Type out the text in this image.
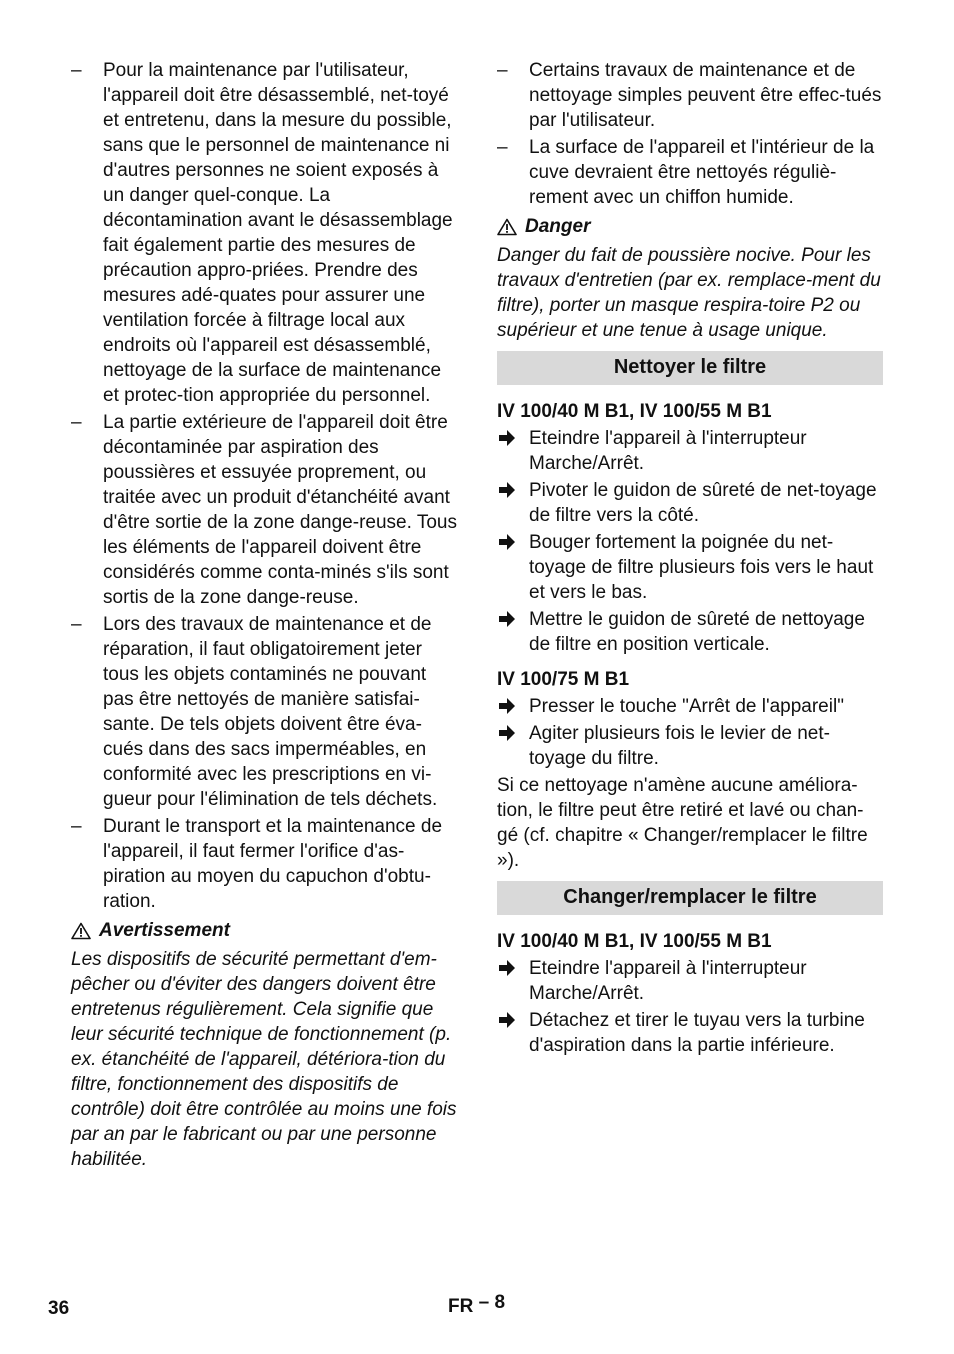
– Pour la maintenance par l'utilisateur, l'appareil doit être désassemblé, net-toyé et entretenu, dans la mesure du possible, sans que le personnel de maintenance ni d'autres personnes ne soient exposés à un danger quel-conque. La décontamination avant le désassemblage fait également partie des mesures de précaution appro-priées. Prendre des mesures adé-quates pour assurer une ventilation forcée à filtrage local aux endroits où l'appareil est désassemblé, nettoyage de la surface de maintenance et protec-tion appropriée du personnel.
– La partie extérieure de l'appareil doit être décontaminée par aspiration des poussières et essuyée proprement, ou traitée avec un produit d'étanchéité avant d'être sortie de la zone dange-reuse. Tous les éléments de l'appareil doivent être considérés comme conta-minés s'ils sont sortis de la zone dange-reuse.
– Lors des travaux de maintenance et de réparation, il faut obligatoirement jeter tous les objets contaminés ne pouvant pas être nettoyés de manière satisfai-sante. De tels objets doivent être éva-cués dans des sacs imperméables, en conformité avec les prescriptions en vi-gueur pour l'élimination de tels déchets.
– Durant le transport et la maintenance de l'appareil, il faut fermer l'orifice d'as-piration au moyen du capuchon d'obtu-ration.
Avertissement

Les dispositifs de sécurité permettant d'em-pêcher ou d'éviter des dangers doivent être entretenus régulièrement. Cela signifie que leur sécurité technique de fonctionnement (p. ex. étanchéité de l'appareil, détériora-tion du filtre, fonctionnement des dispositifs de contrôle) doit être contrôlée au moins une fois par an par le fabricant ou par une personne habilitée.

– Certains travaux de maintenance et de nettoyage simples peuvent être effec-tués par l'utilisateur.
– La surface de l'appareil et l'intérieur de la cuve devraient être nettoyés réguliè-rement avec un chiffon humide.
Danger

Danger du fait de poussière nocive. Pour les travaux d'entretien (par ex. remplace-ment du filtre), porter un masque respira-toire P2 ou supérieur et une tenue à usage unique.

Nettoyer le filtre
IV 100/40 M B1, IV 100/55 M B1
Eteindre l'appareil à l'interrupteur Marche/Arrêt.
Pivoter le guidon de sûreté de net-toyage de filtre vers la côté.
Bouger fortement la poignée du net-toyage de filtre plusieurs fois vers le haut et vers le bas.
Mettre le guidon de sûreté de nettoyage de filtre en position verticale.
IV 100/75 M B1
Presser le touche "Arrêt de l'appareil"
Agiter plusieurs fois le levier de net-toyage du filtre.

Si ce nettoyage n'amène aucune améliora-tion, le filtre peut être retiré et lavé ou chan-gé (cf. chapitre « Changer/remplacer le filtre »).

Changer/remplacer le filtre
IV 100/40 M B1, IV 100/55 M B1
Eteindre l'appareil à l'interrupteur Marche/Arrêt.
Détachez et tirer le tuyau vers la turbine d'aspiration dans la partie inférieure.
36	FR – 8
